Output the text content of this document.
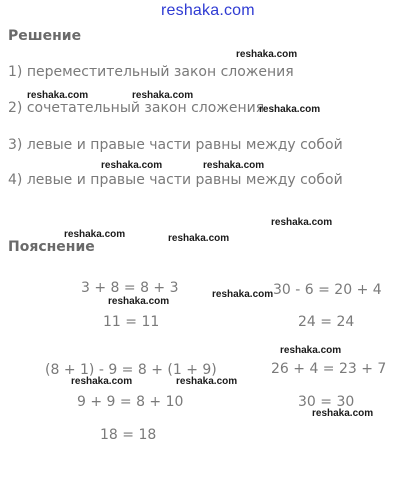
reshaka.com
Решение
1) переместительный закон сложения
2) сочетательный закон сложения
3) левые и правые части равны между собой
4) левые и правые части равны между собой
Пояснение
3 + 8 = 8 + 3
11 = 11
30 - 6 = 20 + 4
24 = 24
(8 + 1) - 9 = 8 + (1 + 9)
9 + 9 = 8 + 10
18 = 18
26 + 4 = 23 + 7
30 = 30
reshaka.com
reshaka.com	reshaka.com
reshaka.com
reshaka.com	reshaka.com
reshaka.com
reshaka.com	reshaka.com
reshaka.com
reshaka.com
reshaka.com
reshaka.com	reshaka.com
reshaka.com
